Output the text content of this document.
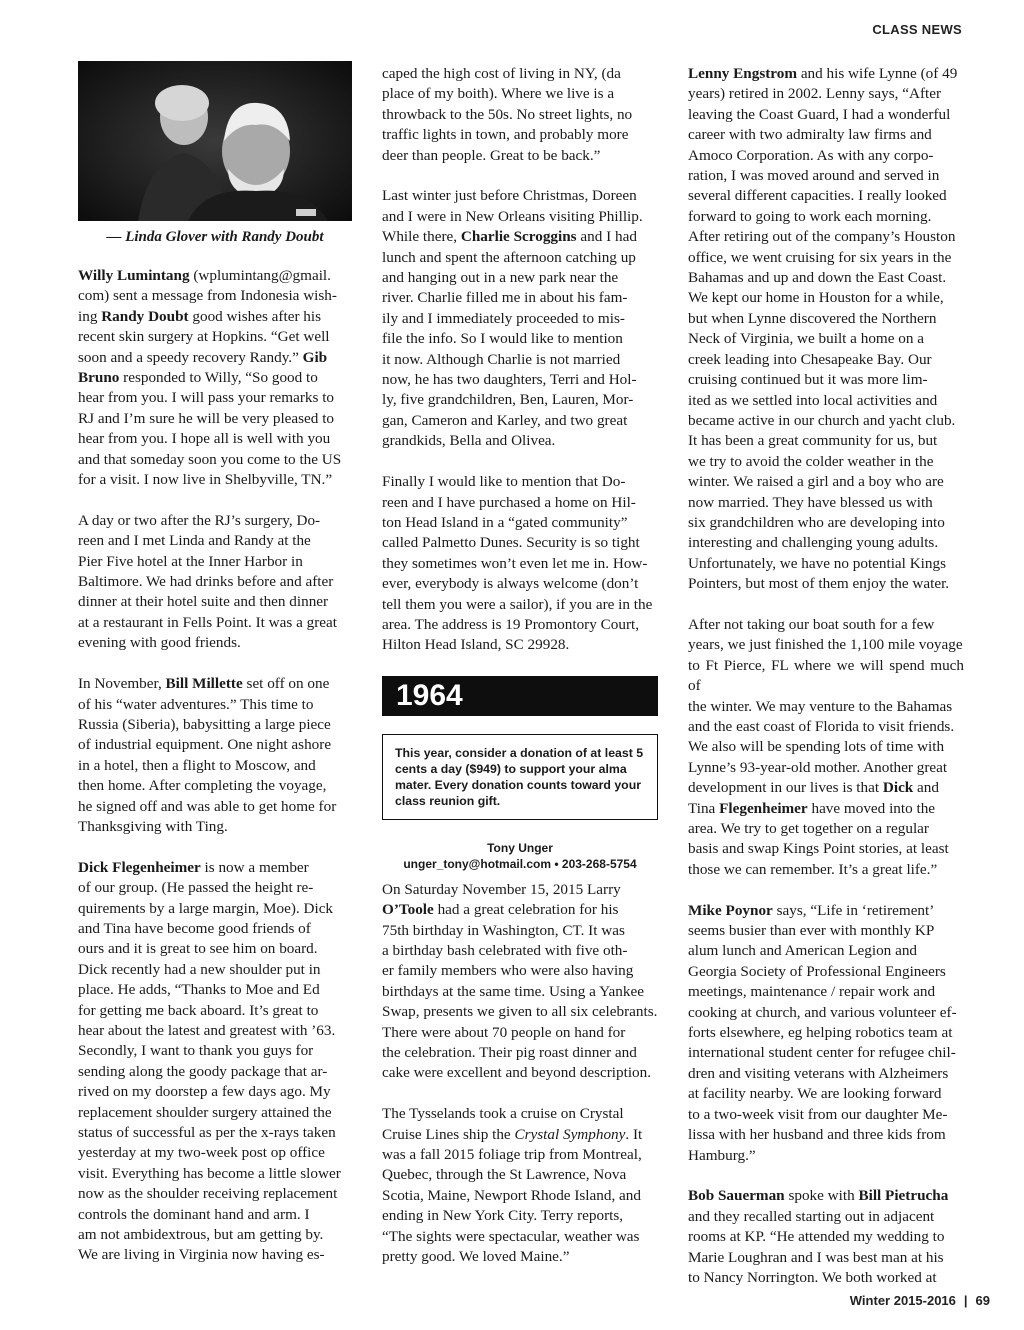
CLASS NEWS
— Linda Glover with Randy Doubt

Willy Lumintang (wplumintang@gmail.
com) sent a message from Indonesia wish-
ing Randy Doubt good wishes after his
recent skin surgery at Hopkins. “Get well
soon and a speedy recovery Randy.” Gib
Bruno responded to Willy, “So good to
hear from you. I will pass your remarks to
RJ and I’m sure he will be very pleased to
hear from you. I hope all is well with you
and that someday soon you come to the US
for a visit. I now live in Shelbyville, TN.”

A day or two after the RJ’s surgery, Do-
reen and I met Linda and Randy at the
Pier Five hotel at the Inner Harbor in
Baltimore. We had drinks before and after
dinner at their hotel suite and then dinner
at a restaurant in Fells Point. It was a great
evening with good friends.

In November, Bill Millette set off on one
of his “water adventures.” This time to
Russia (Siberia), babysitting a large piece
of industrial equipment. One night ashore
in a hotel, then a flight to Moscow, and
then home. After completing the voyage,
he signed off and was able to get home for
Thanksgiving with Ting.

Dick Flegenheimer is now a member
of our group. (He passed the height re-
quirements by a large margin, Moe). Dick
and Tina have become good friends of
ours and it is great to see him on board.
Dick recently had a new shoulder put in
place. He adds, “Thanks to Moe and Ed
for getting me back aboard. It’s great to
hear about the latest and greatest with ’63.
Secondly, I want to thank you guys for
sending along the goody package that ar-
rived on my doorstep a few days ago. My
replacement shoulder surgery attained the
status of successful as per the x-rays taken
yesterday at my two-week post op office
visit. Everything has become a little slower
now as the shoulder receiving replacement
controls the dominant hand and arm. I
am not ambidextrous, but am getting by.
We are living in Virginia now having es-

caped the high cost of living in NY, (da
place of my boith). Where we live is a
throwback to the 50s. No street lights, no
traffic lights in town, and probably more
deer than people. Great to be back.”

Last winter just before Christmas, Doreen
and I were in New Orleans visiting Phillip.
While there, Charlie Scroggins and I had
lunch and spent the afternoon catching up
and hanging out in a new park near the
river. Charlie filled me in about his fam-
ily and I immediately proceeded to mis-
file the info. So I would like to mention
it now. Although Charlie is not married
now, he has two daughters, Terri and Hol-
ly, five grandchildren, Ben, Lauren, Mor-
gan, Cameron and Karley, and two great
grandkids, Bella and Olivea.

Finally I would like to mention that Do-
reen and I have purchased a home on Hil-
ton Head Island in a “gated community”
called Palmetto Dunes. Security is so tight
they sometimes won’t even let me in. How-
ever, everybody is always welcome (don’t
tell them you were a sailor), if you are in the
area. The address is 19 Promontory Court,
Hilton Head Island, SC 29928.

1964
This year, consider a donation of at least 5 cents a day ($949) to support your alma mater. Every donation counts toward your class reunion gift.
Tony Unger
unger_tony@hotmail.com • 203-268-5754

On Saturday November 15, 2015 Larry
O’Toole had a great celebration for his
75th birthday in Washington, CT. It was
a birthday bash celebrated with five oth-
er family members who were also having
birthdays at the same time. Using a Yankee
Swap, presents we given to all six celebrants.
There were about 70 people on hand for
the celebration. Their pig roast dinner and
cake were excellent and beyond description.

The Tysselands took a cruise on Crystal
Cruise Lines ship the Crystal Symphony. It
was a fall 2015 foliage trip from Montreal,
Quebec, through the St Lawrence, Nova
Scotia, Maine, Newport Rhode Island, and
ending in New York City. Terry reports,
“The sights were spectacular, weather was
pretty good. We loved Maine.”

Lenny Engstrom and his wife Lynne (of 49
years) retired in 2002. Lenny says, “After
leaving the Coast Guard, I had a wonderful
career with two admiralty law firms and
Amoco Corporation. As with any corpo-
ration, I was moved around and served in
several different capacities. I really looked
forward to going to work each morning.
After retiring out of the company’s Houston
office, we went cruising for six years in the
Bahamas and up and down the East Coast.
We kept our home in Houston for a while,
but when Lynne discovered the Northern
Neck of Virginia, we built a home on a
creek leading into Chesapeake Bay. Our
cruising continued but it was more lim-
ited as we settled into local activities and
became active in our church and yacht club.
It has been a great community for us, but
we try to avoid the colder weather in the
winter. We raised a girl and a boy who are
now married. They have blessed us with
six grandchildren who are developing into
interesting and challenging young adults.
Unfortunately, we have no potential Kings
Pointers, but most of them enjoy the water.

After not taking our boat south for a few
years, we just finished the 1,100 mile voyage
to Ft Pierce, FL where we will spend much of
the winter. We may venture to the Bahamas
and the east coast of Florida to visit friends.
We also will be spending lots of time with
Lynne’s 93-year-old mother. Another great
development in our lives is that Dick and
Tina Flegenheimer have moved into the
area. We try to get together on a regular
basis and swap Kings Point stories, at least
those we can remember. It’s a great life.”

Mike Poynor says, “Life in ‘retirement’
seems busier than ever with monthly KP
alum lunch and American Legion and
Georgia Society of Professional Engineers
meetings, maintenance / repair work and
cooking at church, and various volunteer ef-
forts elsewhere, eg helping robotics team at
international student center for refugee chil-
dren and visiting veterans with Alzheimers
at facility nearby. We are looking forward
to a two-week visit from our daughter Me-
lissa with her husband and three kids from
Hamburg.”

Bob Sauerman spoke with Bill Pietrucha
and they recalled starting out in adjacent
rooms at KP. “He attended my wedding to
Marie Loughran and I was best man at his
to Nancy Norrington. We both worked at

Winter 2015-2016 | 69
